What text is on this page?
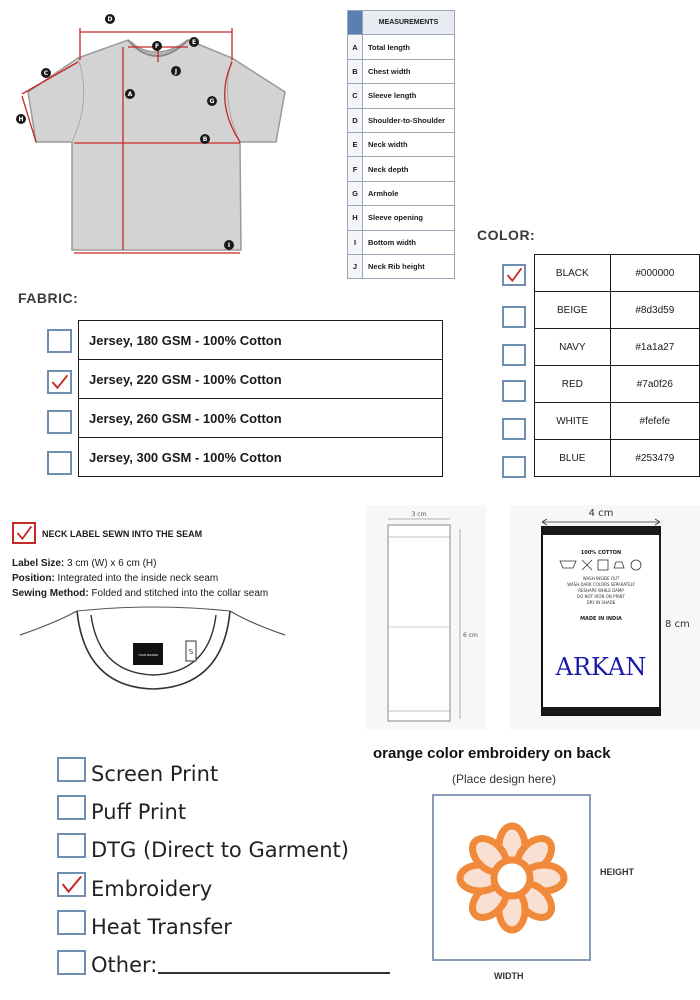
D
F
E
C	J
A
G
H
B
I
	MEASUREMENTS
A	Total length
B	Chest width
C	Sleeve length
D	Shoulder-to-Shoulder
E	Neck width
F	Neck depth
G	Armhole
H	Sleeve opening
I	Bottom width
J	Neck Rib height
COLOR:
BLACK	#000000
BEIGE	#8d3d59
NAVY	#1a1a27
RED	#7a0f26
WHITE	#fefefe
BLUE	#253479
FABRIC:
Jersey, 180 GSM - 100% Cotton
Jersey, 220 GSM - 100% Cotton
Jersey, 260 GSM - 100% Cotton
Jersey, 300 GSM - 100% Cotton
NECK LABEL SEWN INTO THE SEAM
Label Size: 3 cm (W) x 6 cm (H)
Position: Integrated into the inside neck seam
Sewing Method: Folded and stitched into the collar seam
YOUR BRAND	S
3 cm
6 cm
4 cm
8 cm
100% COTTON
WASH INSIDE OUT
WASH DARK COLORS SEPARATELY
RESHAPE WHILE DAMP
DO NOT IRON ON PRINT
DRY IN SHADE
MADE IN INDIA
ARKAN
Screen Print
Puff Print
DTG (Direct to Garment)
Embroidery
Heat Transfer
Other:
orange color embroidery on back
(Place design here)
HEIGHT
WIDTH
